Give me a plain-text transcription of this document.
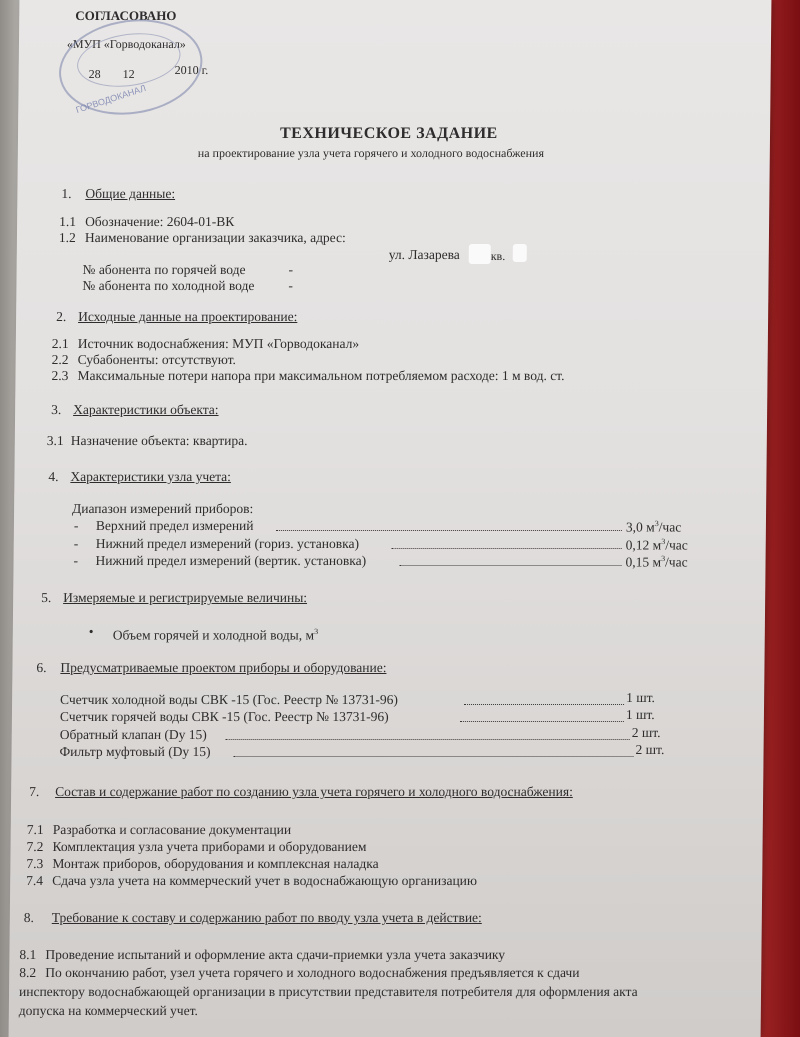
СОГЛАСОВАНО
«МУП «Горводоканал»
28 12	2010 г.
ГОРВОДОКАНАЛ
ТЕХНИЧЕСКОЕ ЗАДАНИЕ
на проектирование узла учета горячего и холодного водоснабжения
1. Общие данные:
1.1 Обозначение: 2604-01-ВК
1.2 Наименование организации заказчика, адрес:
ул. Лазарева	кв.
№ абонента по горячей воде	-
№ абонента по холодной воде	-
2. Исходные данные на проектирование:
2.1 Источник водоснабжения: МУП «Горводоканал»
2.2 Субабоненты: отсутствуют.
2.3 Максимальные потери напора при максимальном потребляемом расходе: 1 м вод. ст.
3. Характеристики объекта:
3.1 Назначение объекта: квартира.
4. Характеристики узла учета:
Диапазон измерений приборов:
- Верхний предел измерений	3,0 $м^3$/час
- Нижний предел измерений (гориз. установка)	0,12 $м^3$/час
- Нижний предел измерений (вертик. установка)	0,15 $м^3$/час
5. Измеряемые и регистрируемые величины:
• Объем горячей и холодной воды, $м^3$
6. Предусматриваемые проектом приборы и оборудование:
Счетчик холодной воды СВК -15 (Гос. Реестр № 13731-96)	1 шт.
Счетчик горячей воды СВК -15 (Гос. Реестр № 13731-96)	1 шт.
Обратный клапан (Dy 15)	2 шт.
Фильтр муфтовый (Dy 15)	2 шт.
7. Состав и содержание работ по созданию узла учета горячего и холодного водоснабжения:
7.1 Разработка и согласование документации
7.2 Комплектация узла учета приборами и оборудованием
7.3 Монтаж приборов, оборудования и комплексная наладка
7.4 Сдача узла учета на коммерческий учет в водоснабжающую организацию
8. Требование к составу и содержанию работ по вводу узла учета в действие:
8.1 Проведение испытаний и оформление акта сдачи-приемки узла учета заказчику
8.2 По окончанию работ, узел учета горячего и холодного водоснабжения предъявляется к сдачи
инспектору водоснабжающей организации в присутствии представителя потребителя для оформления акта
допуска на коммерческий учет.
